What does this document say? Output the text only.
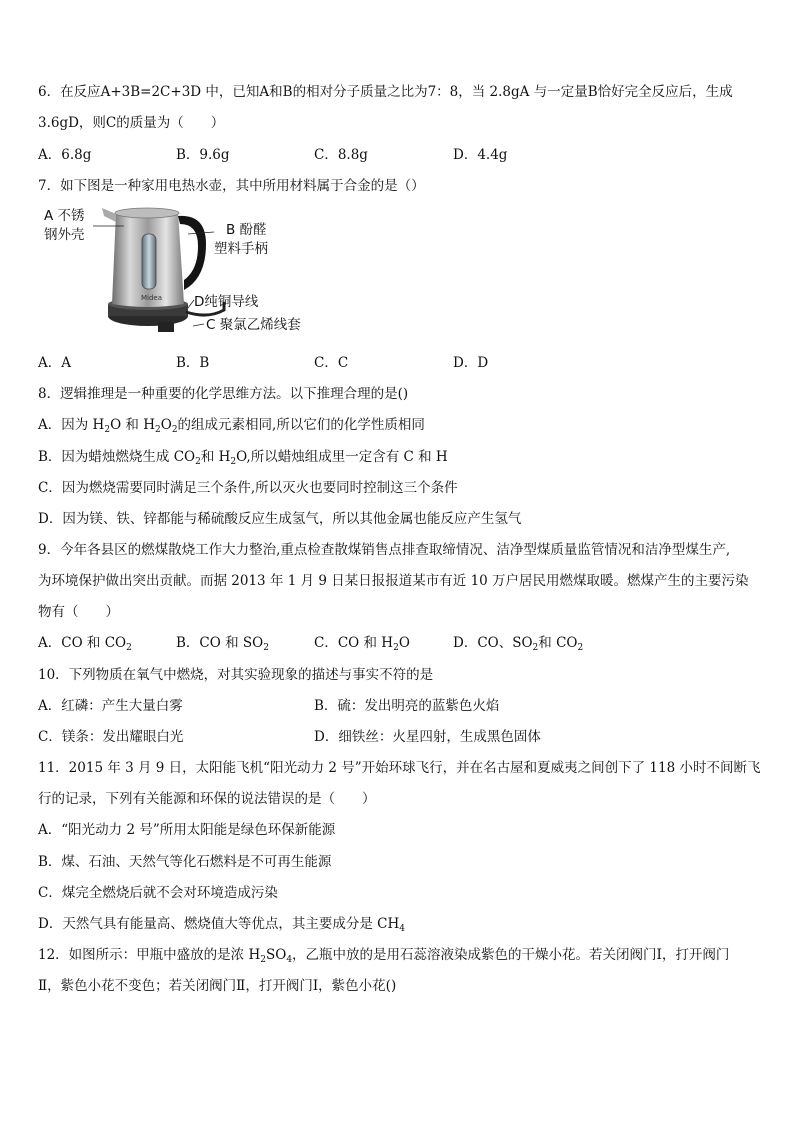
6．在反应A+3B=2C+3D 中，已知A和B的相对分子质量之比为7：8，当 2.8gA 与一定量B恰好完全反应后，生成
3.6gD，则C的质量为（　　）
A．6.8g	B．9.6g	C．8.8g	D．4.4g
7．如下图是一种家用电热水壶，其中所用材料属于合金的是（）
Midea
A 不锈
钢外壳	B 酚醛
塑料手柄
D纯铜导线
C 聚氯乙烯线套
A．A	B．B	C．C	D．D
8．逻辑推理是一种重要的化学思维方法。以下推理合理的是()
A．因为 $H_2O$ 和 $H_2O_2$的组成元素相同,所以它们的化学性质相同
B．因为蜡烛燃烧生成 $CO_2$和 $H_2O$,所以蜡烛组成里一定含有 C 和 H
C．因为燃烧需要同时满足三个条件,所以灭火也要同时控制这三个条件
D．因为镁、铁、锌都能与稀硫酸反应生成氢气，所以其他金属也能反应产生氢气
9．今年各县区的燃煤散烧工作大力整治,重点检查散煤销售点排查取缔情况、洁净型煤质量监管情况和洁净型煤生产,
为环境保护做出突出贡献。而据 2013 年 1 月 9 日某日报报道某市有近 10 万户居民用燃煤取暖。燃煤产生的主要污染
物有（　　）
A．CO 和 $CO_2$	B．CO 和 $SO_2$	C．CO 和 $H_2O$	D．CO、$SO_2$和 $CO_2$
10．下列物质在氧气中燃烧，对其实验现象的描述与事实不符的是
A．红磷：产生大量白雾	B．硫：发出明亮的蓝紫色火焰
C．镁条：发出耀眼白光	D．细铁丝：火星四射，生成黑色固体
11．2015 年 3 月 9 日，太阳能飞机“阳光动力 2 号”开始环球飞行，并在名古屋和夏威夷之间创下了 118 小时不间断飞
行的记录，下列有关能源和环保的说法错误的是（　　）
A．“阳光动力 2 号”所用太阳能是绿色环保新能源
B．煤、石油、天然气等化石燃料是不可再生能源
C．煤完全燃烧后就不会对环境造成污染
D．天然气具有能量高、燃烧值大等优点，其主要成分是 $CH_4$
12．如图所示：甲瓶中盛放的是浓 $H_2SO_4$，乙瓶中放的是用石蕊溶液染成紫色的干燥小花。若关闭阀门Ⅰ，打开阀门
Ⅱ，紫色小花不变色；若关闭阀门Ⅱ，打开阀门Ⅰ，紫色小花()
